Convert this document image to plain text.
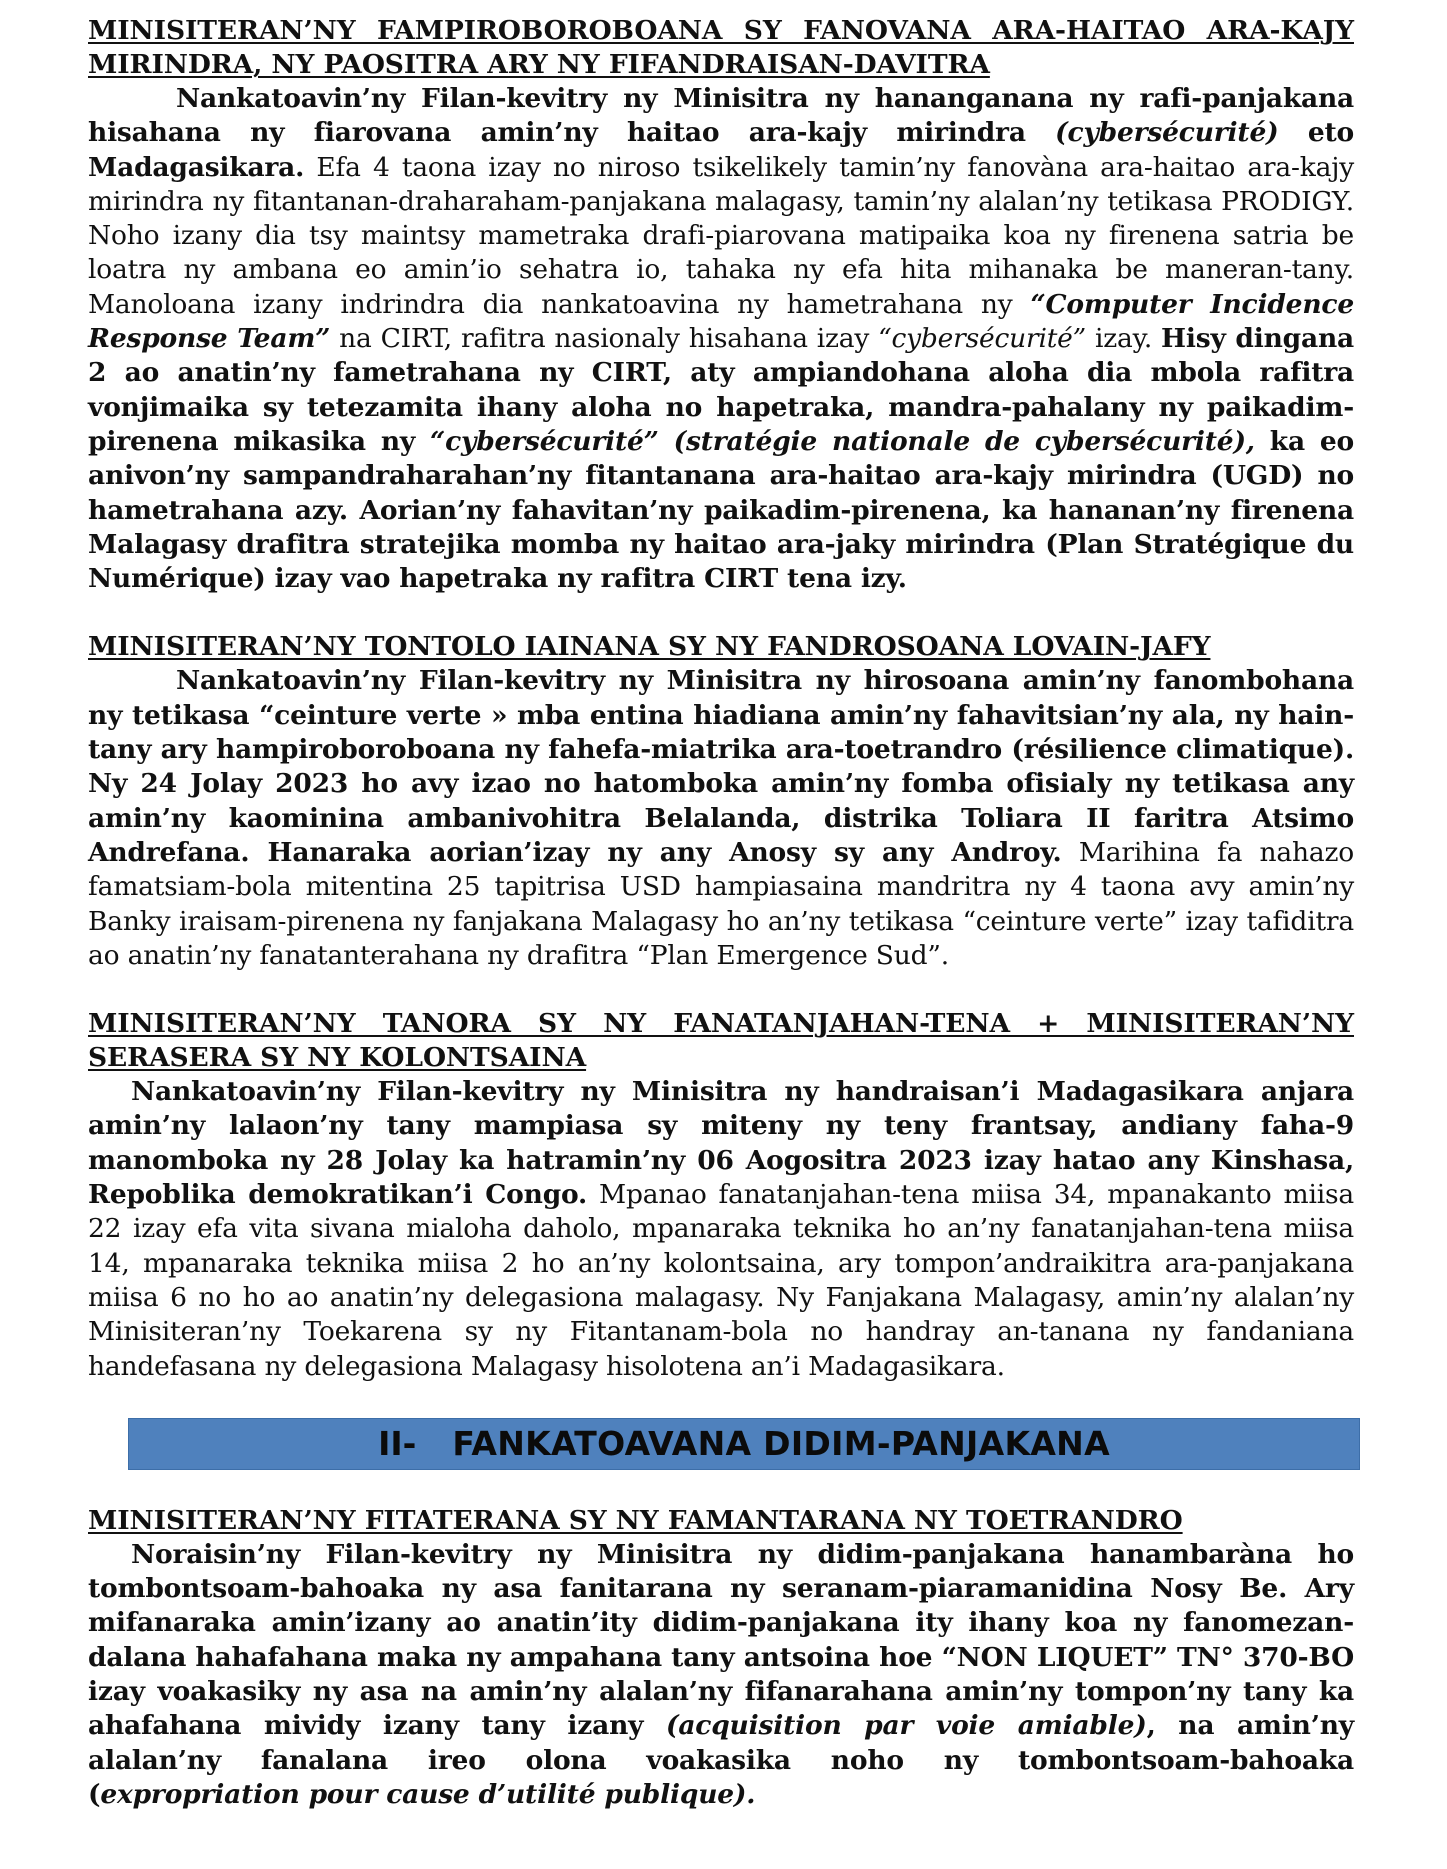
MINISITERAN’NY FAMPIROBOROBOANA SY FANOVANA ARA-HAITAO ARA-KAJY MIRINDRA, NY PAOSITRA ARY NY FIFANDRAISAN-DAVITRA

Nankatoavin’ny Filan-kevitry ny Minisitra ny hananganana ny rafi-panjakana hisahana ny fiarovana amin’ny haitao ara-kajy mirindra (cybersécurité) eto Madagasikara. Efa 4 taona izay no niroso tsikelikely tamin’ny fanovàna ara-haitao ara-kajy mirindra ny fitantanan-draharaham-panjakana malagasy, tamin’ny alalan’ny tetikasa PRODIGY. Noho izany dia tsy maintsy mametraka drafi-piarovana matipaika koa ny firenena satria be loatra ny ambana eo amin’io sehatra io, tahaka ny efa hita mihanaka be maneran-tany. Manoloana izany indrindra dia nankatoavina ny hametrahana ny “Computer Incidence Response Team” na CIRT, rafitra nasionaly hisahana izay “cybersécurité” izay. Hisy dingana 2 ao anatin’ny fametrahana ny CIRT, aty ampiandohana aloha dia mbola rafitra vonjimaika sy tetezamita ihany aloha no hapetraka, mandra-pahalany ny paikadim-pirenena mikasika ny “cybersécurité” (stratégie nationale de cybersécurité), ka eo anivon’ny sampandraharahan’ny fitantanana ara-haitao ara-kajy mirindra (UGD) no hametrahana azy. Aorian’ny fahavitan’ny paikadim-pirenena, ka hananan’ny firenena Malagasy drafitra stratejika momba ny haitao ara-jaky mirindra (Plan Stratégique du Numérique) izay vao hapetraka ny rafitra CIRT tena izy.

MINISITERAN’NY TONTOLO IAINANA SY NY FANDROSOANA LOVAIN-JAFY

Nankatoavin’ny Filan-kevitry ny Minisitra ny hirosoana amin’ny fanombohana ny tetikasa “ceinture verte » mba entina hiadiana amin’ny fahavitsian’ny ala, ny hain-tany ary hampiroboroboana ny fahefa-miatrika ara-toetrandro (résilience climatique). Ny 24 Jolay 2023 ho avy izao no hatomboka amin’ny fomba ofisialy ny tetikasa any amin’ny kaominina ambanivohitra Belalanda, distrika Toliara II faritra Atsimo Andrefana. Hanaraka aorian’izay ny any Anosy sy any Androy. Marihina fa nahazo famatsiam-bola mitentina 25 tapitrisa USD hampiasaina mandritra ny 4 taona avy amin’ny Banky iraisam-pirenena ny fanjakana Malagasy ho an’ny tetikasa “ceinture verte” izay tafiditra ao anatin’ny fanatanterahana ny drafitra “Plan Emergence Sud”.

MINISITERAN’NY TANORA SY NY FANATANJAHAN-TENA + MINISITERAN’NY SERASERA SY NY KOLONTSAINA

Nankatoavin’ny Filan-kevitry ny Minisitra ny handraisan’i Madagasikara anjara amin’ny lalaon’ny tany mampiasa sy miteny ny teny frantsay, andiany faha-9 manomboka ny 28 Jolay ka hatramin’ny 06 Aogositra 2023 izay hatao any Kinshasa, Repoblika demokratikan’i Congo. Mpanao fanatanjahan-tena miisa 34, mpanakanto miisa 22 izay efa vita sivana mialoha daholo, mpanaraka teknika ho an’ny fanatanjahan-tena miisa 14, mpanaraka teknika miisa 2 ho an’ny kolontsaina, ary tompon’andraikitra ara-panjakana miisa 6 no ho ao anatin’ny delegasiona malagasy. Ny Fanjakana Malagasy, amin’ny alalan’ny Minisiteran’ny Toekarena sy ny Fitantanam-bola no handray an-tanana ny fandaniana handefasana ny delegasiona Malagasy hisolotena an’i Madagasikara.

II- FANKATOAVANA DIDIM-PANJAKANA

MINISITERAN’NY FITATERANA SY NY FAMANTARANA NY TOETRANDRO

Noraisin’ny Filan-kevitry ny Minisitra ny didim-panjakana hanambaràna ho tombontsoam-bahoaka ny asa fanitarana ny seranam-piaramanidina Nosy Be. Ary mifanaraka amin’izany ao anatin’ity didim-panjakana ity ihany koa ny fanomezan-dalana hahafahana maka ny ampahana tany antsoina hoe “NON LIQUET” TN° 370-BO izay voakasiky ny asa na amin’ny alalan’ny fifanarahana amin’ny tompon’ny tany ka ahafahana mividy izany tany izany (acquisition par voie amiable), na amin’ny alalan’ny fanalana ireo olona voakasika noho ny tombontsoam-bahoaka (expropriation pour cause d’utilité publique).
